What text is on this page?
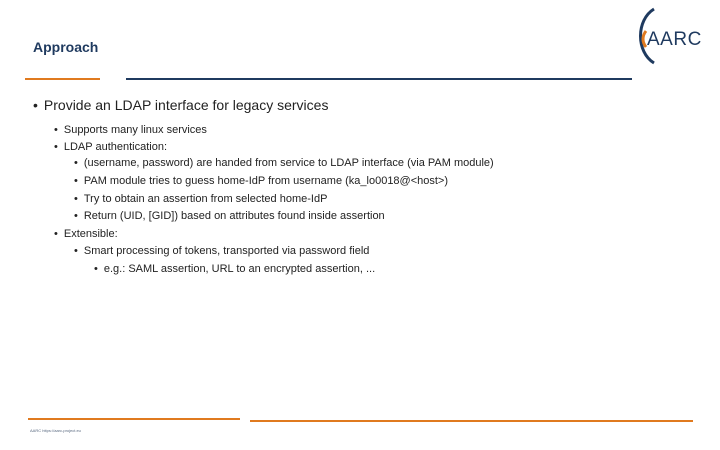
Approach	AARC
• Provide an LDAP interface for legacy services
• Supports many linux services
• LDAP authentication:
• (username, password) are handed from service to LDAP interface (via PAM module)
• PAM module tries to guess home-IdP from username (ka_lo0018@<host>)
• Try to obtain an assertion from selected home-IdP
• Return (UID, [GID]) based on attributes found inside assertion
• Extensible:
• Smart processing of tokens, transported via password field
• e.g.: SAML assertion, URL to an encrypted assertion, ...
AARC https://aarc-project.eu
